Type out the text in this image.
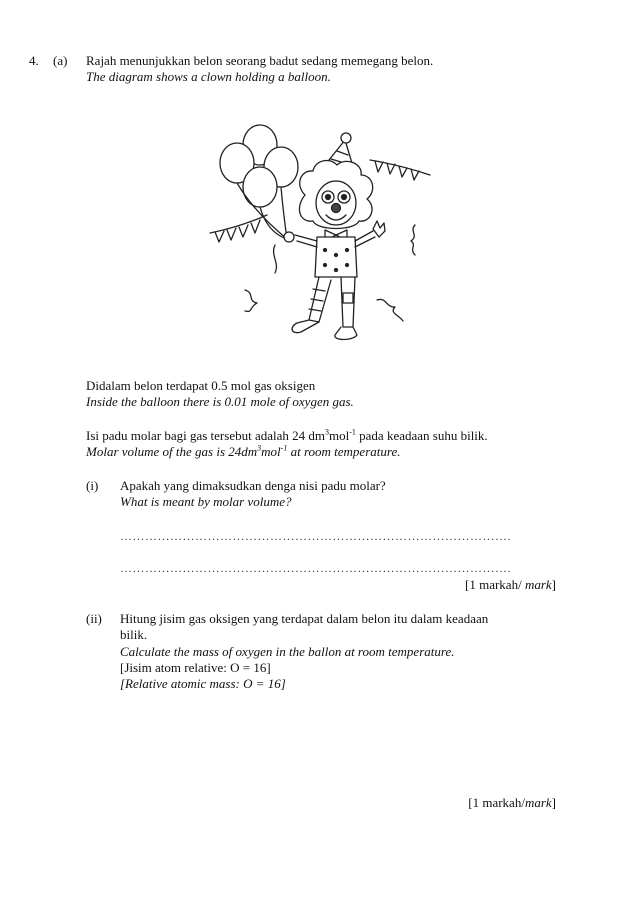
4. (a) Rajah menunjukkan belon seorang badut sedang memegang belon.
The diagram shows a clown holding a balloon.
Didalam belon terdapat 0.5 mol gas oksigen
Inside the balloon there is 0.01 mole of oxygen gas.
Isi padu molar bagi gas tersebut adalah 24 $dm^3mol^{-1}$ pada keadaan suhu bilik.
Molar volume of the gas is $24dm^3mol^{-1}$ at room temperature.
(i) Apakah yang dimaksudkan denga nisi padu molar?
What is meant by molar volume?
………………………………………………………………………………….
………………………………………………………………………………….
[1 markah/ mark]
(ii) Hitung jisim gas oksigen yang terdapat dalam belon itu dalam keadaan
bilik.
Calculate the mass of oxygen in the ballon at room temperature.
[Jisim atom relative: O = 16]
[Relative atomic mass: O = 16]
[1 markah/mark]
